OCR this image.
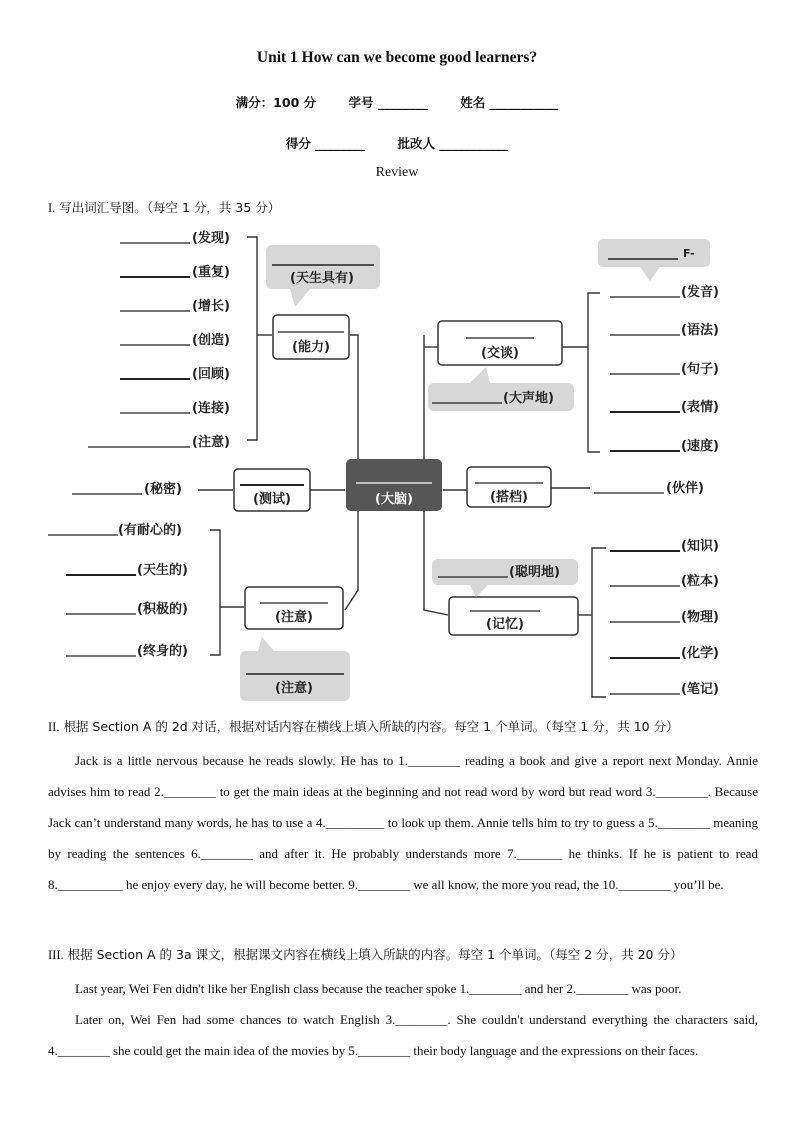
Unit 1 How can we become good learners?
满分：100 分	学号 ________	姓名 ___________
得分 ________	批改人 ___________
Review
I. 写出词汇导图。（每空 1 分，共 35 分）
(大脑)
(能力)
(天生具有)
(发现)
(重复)
(增长)
(创造)
(回顾)
(连接)
(注意)
(交谈)
F-
(大声地)
(发音)
(语法)
(句子)
(表情)
(速度)
(测试)
(秘密)
(搭档)
(伙伴)
(注意)
(注意)
(有耐心的)
(天生的)
(积极的)
(终身的)
(记忆)
(聪明地)
(知识)
(粒本)
(物理)
(化学)
(笔记)
II. 根据 Section A 的 2d 对话，根据对话内容在横线上填入所缺的内容。每空 1 个单词。（每空 1 分，共 10 分）

Jack is a little nervous because he reads slowly. He has to 1.________ reading a book and give a report next Monday. Annie advises him to read 2.________ to get the main ideas at the beginning and not read word by word but read word 3.________. Because Jack can’t understand many words, he has to use a 4._________ to look up them. Annie tells him to try to guess a 5.________ meaning by reading the sentences 6.________ and after it. He probably understands more 7._______ he thinks. If he is patient to read 8.__________ he enjoy every day, he will become better. 9.________ we all know, the more you read, the 10.________ you’ll be.

III. 根据 Section A 的 3a 课文，根据课文内容在横线上填入所缺的内容。每空 1 个单词。（每空 2 分，共 20 分）

Last year, Wei Fen didn't like her English class because the teacher spoke 1.________ and her 2.________ was poor.

Later on, Wei Fen had some chances to watch English 3.________. She couldn't understand everything the characters said, 4.________ she could get the main idea of the movies by 5.________ their body language and the expressions on their faces.
